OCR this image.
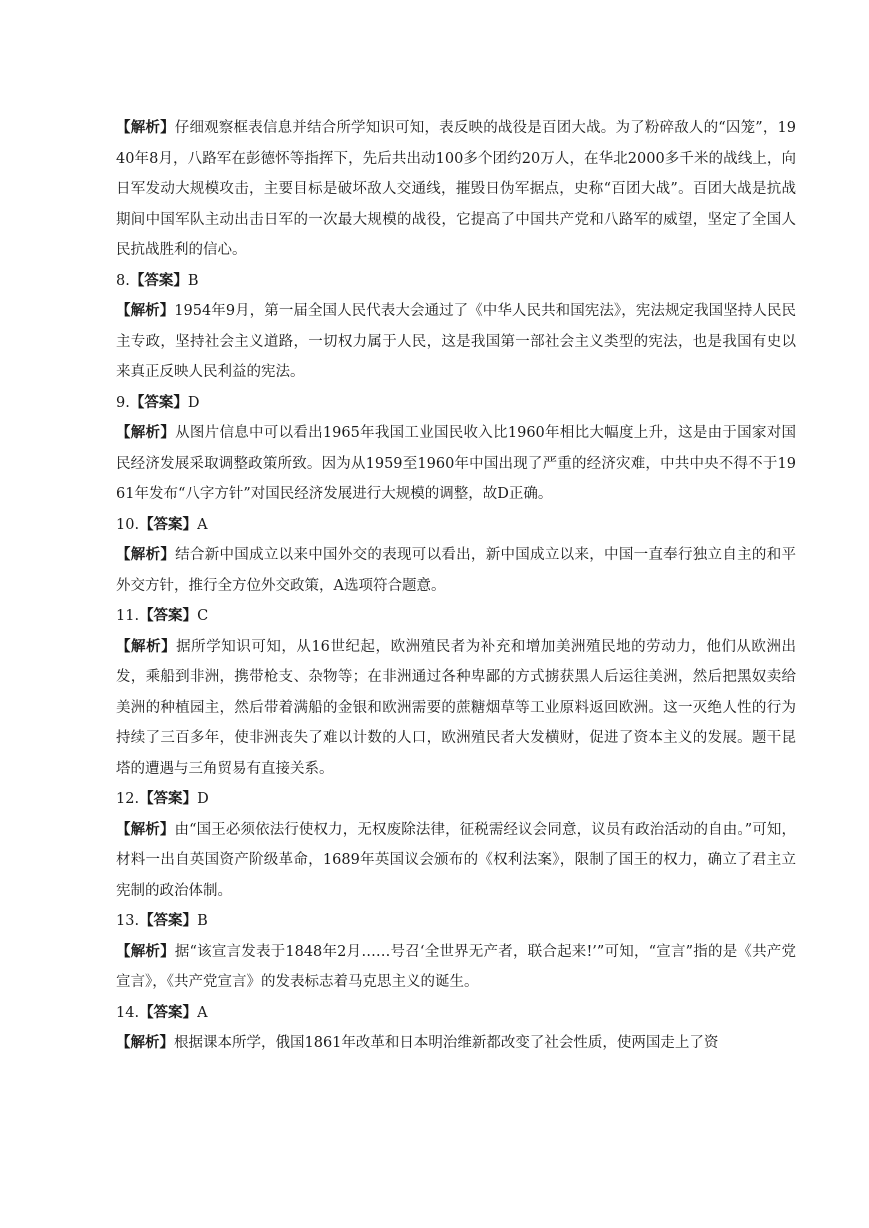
【解析】仔细观察框表信息并结合所学知识可知，表反映的战役是百团大战。为了粉碎敌人的“囚笼”，1940年8月，八路军在彭德怀等指挥下，先后共出动100多个团约20万人，在华北2000多千米的战线上，向日军发动大规模攻击，主要目标是破坏敌人交通线，摧毁日伪军据点，史称“百团大战”。百团大战是抗战期间中国军队主动出击日军的一次最大规模的战役，它提高了中国共产党和八路军的威望，坚定了全国人民抗战胜利的信心。

8.【答案】B

【解析】1954年9月，第一届全国人民代表大会通过了《中华人民共和国宪法》，宪法规定我国坚持人民民主专政，坚持社会主义道路，一切权力属于人民，这是我国第一部社会主义类型的宪法，也是我国有史以来真正反映人民利益的宪法。

9.【答案】D

【解析】从图片信息中可以看出1965年我国工业国民收入比1960年相比大幅度上升，这是由于国家对国民经济发展采取调整政策所致。因为从1959至1960年中国出现了严重的经济灾难，中共中央不得不于1961年发布“八字方针”对国民经济发展进行大规模的调整，故D正确。

10.【答案】A

【解析】结合新中国成立以来中国外交的表现可以看出，新中国成立以来，中国一直奉行独立自主的和平外交方针，推行全方位外交政策，A选项符合题意。

11.【答案】C

【解析】据所学知识可知，从16世纪起，欧洲殖民者为补充和增加美洲殖民地的劳动力，他们从欧洲出发，乘船到非洲，携带枪支、杂物等；在非洲通过各种卑鄙的方式掳获黑人后运往美洲，然后把黑奴卖给美洲的种植园主，然后带着满船的金银和欧洲需要的蔗糖烟草等工业原料返回欧洲。这一灭绝人性的行为持续了三百多年，使非洲丧失了难以计数的人口，欧洲殖民者大发横财，促进了资本主义的发展。题干昆塔的遭遇与三角贸易有直接关系。

12.【答案】D

【解析】由“国王必须依法行使权力，无权废除法律，征税需经议会同意，议员有政治活动的自由。”可知，材料一出自英国资产阶级革命，1689年英国议会颁布的《权利法案》，限制了国王的权力，确立了君主立宪制的政治体制。

13.【答案】B

【解析】据“该宣言发表于1848年2月……号召‘全世界无产者，联合起来!’”可知，“宣言”指的是《共产党宣言》，《共产党宣言》的发表标志着马克思主义的诞生。

14.【答案】A

【解析】根据课本所学，俄国1861年改革和日本明治维新都改变了社会性质，使两国走上了资
